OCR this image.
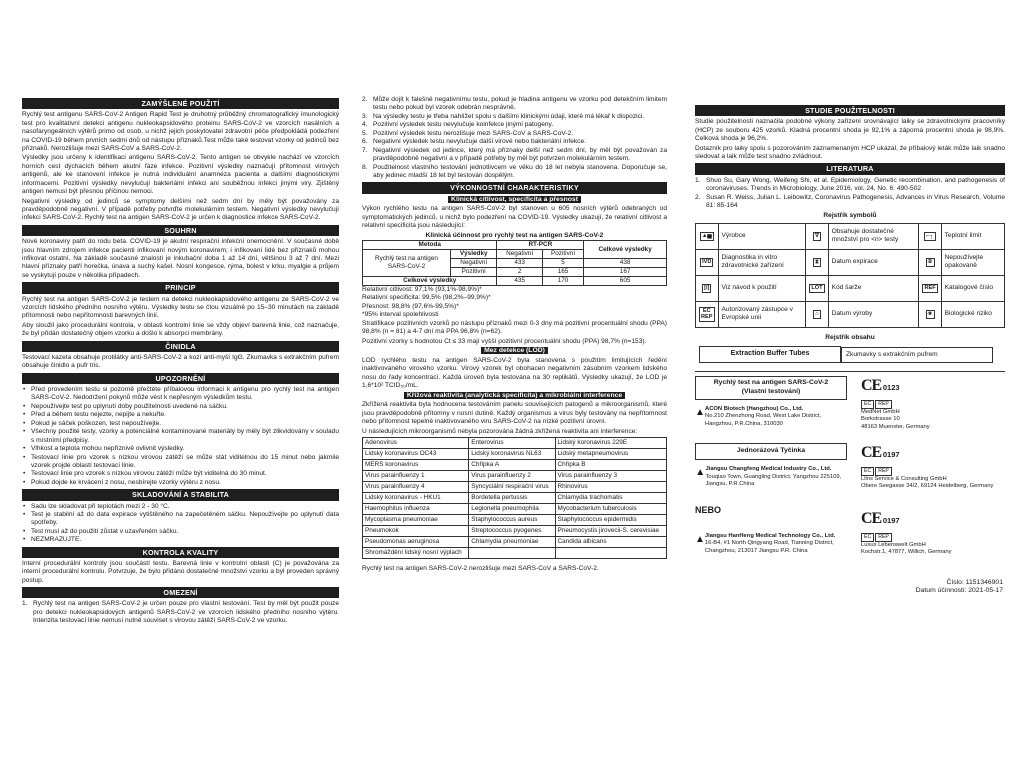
ZAMÝŠLENÉ POUŽITÍ

Rychlý test antigenu SARS-CoV-2 Antigen Rapid Test je druhotný průběžný chromatografický imunologický test pro kvalitativní detekci antigenu nukleokapsidového proteinu SARS-CoV-2 ve vzorcích nasálních a nasofaryngeálních výtěrů primo od osob, u nichž jejich poskytovatel zdravotní péče předpokládá podezření na COVID-19 během prvních sedmi dnů od nástupu příznaků.Test může také testovat vzorky od jedinců bez příznaků. Nerozlišuje mezi SARS-CoV a SARS-CoV-2.

Výsledky jsou určeny k identifikaci antigenu SARS-CoV-2. Tento antigen se obvykle nachází ve vzorcích horních cest dýchacích během akutní fáze infekce. Pozitivní výsledky naznačují přítomnost virových antigenů, ale ke stanovení infekce je nutná individuální anamnéza pacienta a dalšími diagnostickými informacemi. Pozitivní výsledky nevylučují bakteriální infekci ani souběžnou infekci jinými viry. Zjištěný antigen nemusí být přesnou příčinou nemoci.

Negativní výsledky od jedinců se symptomy delšími než sedm dní by měly být považovány za pravděpodobně negativní. V případě potřeby potvrďte molekulárním testem. Negativní výsledky nevylučují infekci SARS-CoV-2. Rychlý test na antigen SARS-CoV-2 je určen k diagnostice infekce SARS-CoV-2.

SOUHRN

Nové koronaviry patří do rodu beta. COVID-19 je akutní respirační infekční onemocnění. V současné době jsou hlavním zdrojem infekce pacienti infikovaní novým koronavirem; i infikovaní lidé bez příznaků mohou infikovat ostatní. Na základě současné znalosti je inkubační doba 1 až 14 dní, většinou 3 až 7 dní. Mezi hlavní příznaky patří horečka, únava a suchý kašel. Nosní kongesce, rýma, bolest v krku, myalgie a průjem se vyskytují pouze v několika případech.

PRINCIP

Rychlý test na antigen SARS-CoV-2 je testem na detekci nukleokapsidového antigenu ze SARS-CoV-2 ve vzorcích lidského předního nosního výtěru. Výsledky testu se čtou vizuálně po 15–30 minutách na základě přítomnosti nebo nepřítomnosti barevných linií.

Aby sloužil jako procedurální kontrola, v oblasti kontrolní linie se vždy objeví barevná linie, což naznačuje, že byl přidán dostatečný objem vzorku a došlo k absorpci membrány.

ČINIDLA

Testovací kazeta obsahuje protilátky anti-SARS-CoV-2 a kozí anti-myší IgG. Zkumavka s extrakčním pufrem obsahuje činidlo a pufr tris.

UPOZORNĚNÍ
• Před provedením testu si pozorně přečtěte příbalovou informaci k antigenu pro rychlý test na antigen SARS-CoV-2. Nedodržení pokynů může vést k nepřesným výsledkům testu.
• Nepoužívejte test po uplynutí doby použitelnosti uvedené na sáčku.
• Před a během testu nejezte, nepijte a nekuřte.
• Pokud je sáček poškozen, test nepoužívejte.
• Všechny použité testy, vzorky a potenciálně kontaminované materiály by měly být zlikvidovány v souladu s místními předpisy.
• Vlhkost a teplota mohou nepříznivě ovlivnit výsledky.
• Testovací linie pro vzorek s nízkou virovou zátěží se může stát viditelnou do 15 minut nebo jakmile vzorek projde oblastí testovací linie.
• Testovací linie pro vzorek s nízkou virovou zátěží může být viditelná do 30 minut.
• Pokud dojde ke krvácení z nosu, nesbírejte vzorky výtěru z nosu.
SKLADOVÁNÍ A STABILITA
• Sadu lze skladovat při teplotách mezi 2 - 30 °C.
• Test je stabilní až do data expirace vytištěného na zapečetěném sáčku. Nepoužívejte po uplynutí data spotřeby.
• Test musí až do použití zůstat v uzavřeném sáčku.
• NEZMRAZUJTE.
KONTROLA KVALITY

Interní procedurální kontroly jsou součástí testu. Barevná linie v kontrolní oblasti (C) je považována za interní procedurální kontrolu. Potvrzuje, že bylo přidáno dostatečné množství vzorku a byl proveden správný postup.

OMEZENÍ
1. Rychlý test na antigen SARS-CoV-2 je určen pouze pro vlastní testování. Test by měl být použit pouze pro detekci nukleokapsidových antigenů SARS-CoV-2 ve vzorcích lidského předního nosního výtěru. Intenzita testovací linie nemusí nutně souviset s virovou zátěží SARS-CoV-2 ve vzorku.
2. Může dojít k falešně negativnímu testu, pokud je hladina antigenu ve vzorku pod detekčním limitem testu nebo pokud byl vzorek odebrán nesprávně.
3. Na výsledky testu je třeba nahlížet spolu s dalšími klinickými údaji, které má lékař k dispozici.
4. Pozitivní výsledek testu nevylučuje koinfekce jinými patogeny.
5. Pozitivní výsledek testu nerozlišuje mezi SARS-CoV a SARS-CoV-2.
6. Negativní výsledek testu nevylučuje další virové nebo bakteriální infekce.
7. Negativní výsledek od jedince, který má příznaky delší než sedm dní, by měl být považován za pravděpodobně negativní a v případě potřeby by měl být potvrzen molekulárním testem.
8. Použitelnost vlastního testování jednotlivcem ve věku do 18 let nebyla stanovena. Doporučuje se, aby jedinec mladší 18 let byl testován dospělým.
VÝKONNOSTNÍ CHARAKTERISTIKY
Klinická citlivost, specificita a přesnost

Výkon rychlého testu na antigen SARS-CoV-2 byl stanoven u 605 nosních výtěrů odebraných od symptomatických jedinců, u nichž bylo podezření na COVID-19. Výsledky ukazují, že relativní citlivost a relativní specificita jsou následující:

Klinická účinnost pro rychlý test na antigen SARS-CoV-2
Metoda		RT-PCR		Celkové výsledky
Rychlý test na antigen SARS-CoV-2	Výsledky	Negativní	Pozitivní	
	Negativní	433	5	438
	Pozitivní	2	165	167
Celkové výsledky		435	170	605
Relativní citlivost: 97,1% (93,1%-98,9%)*
Relativní specificita: 99,5% (98,2%–99,9%)*
Přesnost: 98,8% (97,6%-99,5%)*
*95% interval spolehlivosti

Stratifikace pozitivních vzorků po nástupu příznaků mezi 0-3 dny má pozitivní procentuální shodu (PPA) 98,8% (n = 81) a 4-7 dní má PPA 96,8% (n=62).

Pozitivní vzorky s hodnotou Ct ≤ 33 mají vyšší pozitivní procentuální shodu (PPA) 98,7% (n=153).

Mez detekce (LOD)

LOD rychlého testu na antigen SARS-CoV-2 byla stanovena s použitím limitujících ředění inaktivovaného virového vzorku. Virový vzorek byl obohacen negativním zásobním vzorkem lidského nosu do řady koncentrací. Každá úroveň byla testována na 30 replikátů. Výsledky ukazují, že LOD je 1,6*10² TCID₅₀/mL.

Křížová reaktivita (analytická specificita) a mikrobiální interference

Zkřížená reaktivita byla hodnocena testováním panelu souvisejících patogenů a mikroorganismů, které jsou pravděpodobně přítomny v nosní dutině. Každý organismus a virus byly testovány na nepřítomnost nebo přítomnost tepelně inaktivovaného viru SARS-CoV-2 na nízké pozitivní úrovni.

U následujících mikroorganismů nebyla pozorována žádná zkřížená reaktivita ani interference:

Adenovirus	Enterovirus	Lidský koronavirus 229E
Lidský koronavirus OC43	Lidský koronavirus NL63	Lidský metapneumovirus
MERS koronavirus	Chřipka A	Chřipka B
Virus parainfluenzy 1	Virus parainfluenzy 2	Virus parainfluenzy 3
Virus parainfluenzy 4	Syncyciální respirační virus	Rhinovirus
Lidský koronavirus - HKU1	Bordetella pertussis	Chlamydia trachomatis
Haemophilus influenza	Legionella pneumophila	Mycobacterium tuberculosis
Mycoplasma pneumoniae	Staphylococcus aureus	Staphylococcus epidermidis
Pneumokok	Streptococcus pyogenes	Pneumocystis jirovecii-S. cerevisiae
Pseudomonas aeruginosa	Chlamydia pneumoniae	Candida albicans
Shromáždění lidský nosní výplach		

Rychlý test na antigen SARS-CoV-2 nerozlišuje mezi SARS-CoV a SARS-CoV-2.

STUDIE POUŽITELNOSTI

Studie použitelnosti naznačila podobné výkony zařízení srovnávající laiky se zdravotnickými pracovníky (HCP) ze souboru 425 vzorků. Kladná procentní shoda je 92,1% a záporná procentní shoda je 98,9%. Celková shoda je 96,2%.

Dotazník pro laiky spolu s pozorováním zaznamenaným HCP ukázal, že příbalový leták může laik snadno sledovat a laik může test snadno zvládnout.

LITERATURA
1. Shuo Su, Gary Wong, Weifeng Shi, et al. Epidemiology, Genetic recombination, and pathogenesis of coronaviruses. Trends in Microbiology, June 2016, vol. 24, No. 6: 490-502
2. Susan R. Weiss, Julian L. Leibowitz, Coronavirus Pathogenesis, Advances in Virus Research, Volume 81: 85-164
Rejstřík symbolů
▲▅	Výrobce	∇	Obsahuje dostatečné množství pro <n> testy	⌐┐	Teplotní limit
IVD	Diagnostika in vitro zdravotnické zařízení	⧗	Datum expirace	②	Nepoužívejte opakovaně
[i]	Viz návod k použití	LOT	Kód šarže	REF	Katalogové číslo
EC REP	Autorizovaný zástupce v Evropské unii	⌂	Datum výroby	☣	Biologické riziko
Rejstřík obsahu
Extraction Buffer Tubes	Zkumavky s extrakčním pufrem
Rychlý test na antigen SARS-CoV-2
(Vlastní testování)
▲ ACON Biotech (Hangzhou) Co., Ltd.
No.210 Zhenzhong Road, West Lake District, Hangzhou, P.R.China, 310030
CE 0123
EC REP
MedNet GmbH
Borkstrasse 10
48163 Muenster, Germany
Jednorázová Tyčinka
▲ Jiangsu Changfeng Medical Industry Co., Ltd.
Touqiao Town, Guangling District, Yangzhou 225109, Jiangsu, P.R.China
CE 0197
EC REP
Llins Service & Consulting GmbH
Obere Seegasse 34/2, 69124 Heidelberg, Germany
NEBO
▲ Jiangsu HanHeng Medical Technology Co., Ltd.
16-B4, #1 North Qingyang Road, Tianning District, Changzhou, 213017 Jiangsu P.R. China
CE 0197
EC REP
Luxus Lebenswelt GmbH
Kochstr.1, 47877, Willich, Germany
Číslo: 1151346901
Datum účinnosti: 2021-05-17
